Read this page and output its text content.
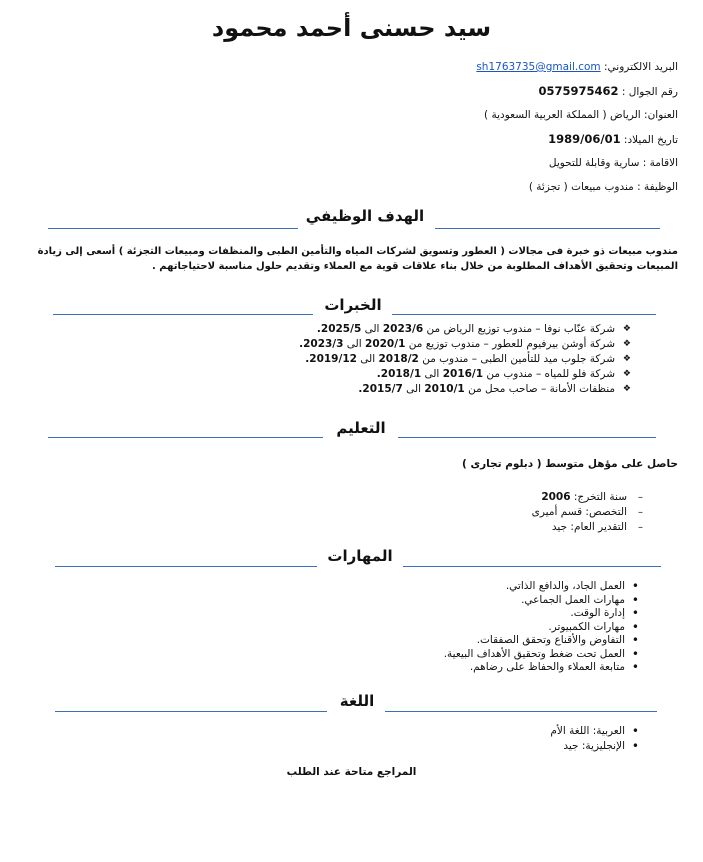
سيد حسنى أحمد محمود
البريد الالكتروني: sh1763735@gmail.com
رقم الجوال : 0575975462
العنوان: الرياض ( المملكة العربية السعودية )
تاريخ الميلاد: 1989/06/01
الاقامة : سارية وقابلة للتحويل
الوظيفة : مندوب مبيعات ( تجزئة )
الهدف الوظيفي
مندوب مبيعات ذو خبرة فى مجالات ( العطور وتسويق لشركات المياه والتأمين الطبى والمنظفات ومبيعات التجزئة ) أسعى إلى زيادة المبيعات وتحقيق الأهداف المطلوبة من خلال بناء علاقات قوية مع العملاء وتقديم حلول مناسبة لاحتياجاتهم .
الخبرات
❖ شركة عنّاب نوفا – مندوب توزيع الرياض من 2023/6 الى 2025/5.
❖ شركة أوشن بيرفيوم للعطور – مندوب توزيع من 2020/1 الى 2023/3.
❖ شركة جلوب ميد للتأمين الطبى – مندوب من 2018/2 الى 2019/12.
❖ شركة فلو للمياه – مندوب من 2016/1 الى 2018/1.
❖ منظفات الأمانة – صاحب محل من 2010/1 الى 2015/7.
التعليم
حاصل على مؤهل متوسط ( دبلوم تجارى )
– سنة التخرج: 2006
– التخصص: قسم أميرى
– التقدير العام: جيد
المهارات
• العمل الجاد، والدافع الذاتي.
• مهارات العمل الجماعي.
• إدارة الوقت.
• مهارات الكمبيوتر.
• التفاوض والأقناع وتحقق الصفقات.
• العمل تحت ضغط وتحقيق الأهداف البيعية.
• متابعة العملاء والحفاظ على رضاهم.
اللغة
• العربية: اللغة الأم
• الإنجليزية: جيد
المراجع متاحة عند الطلب
